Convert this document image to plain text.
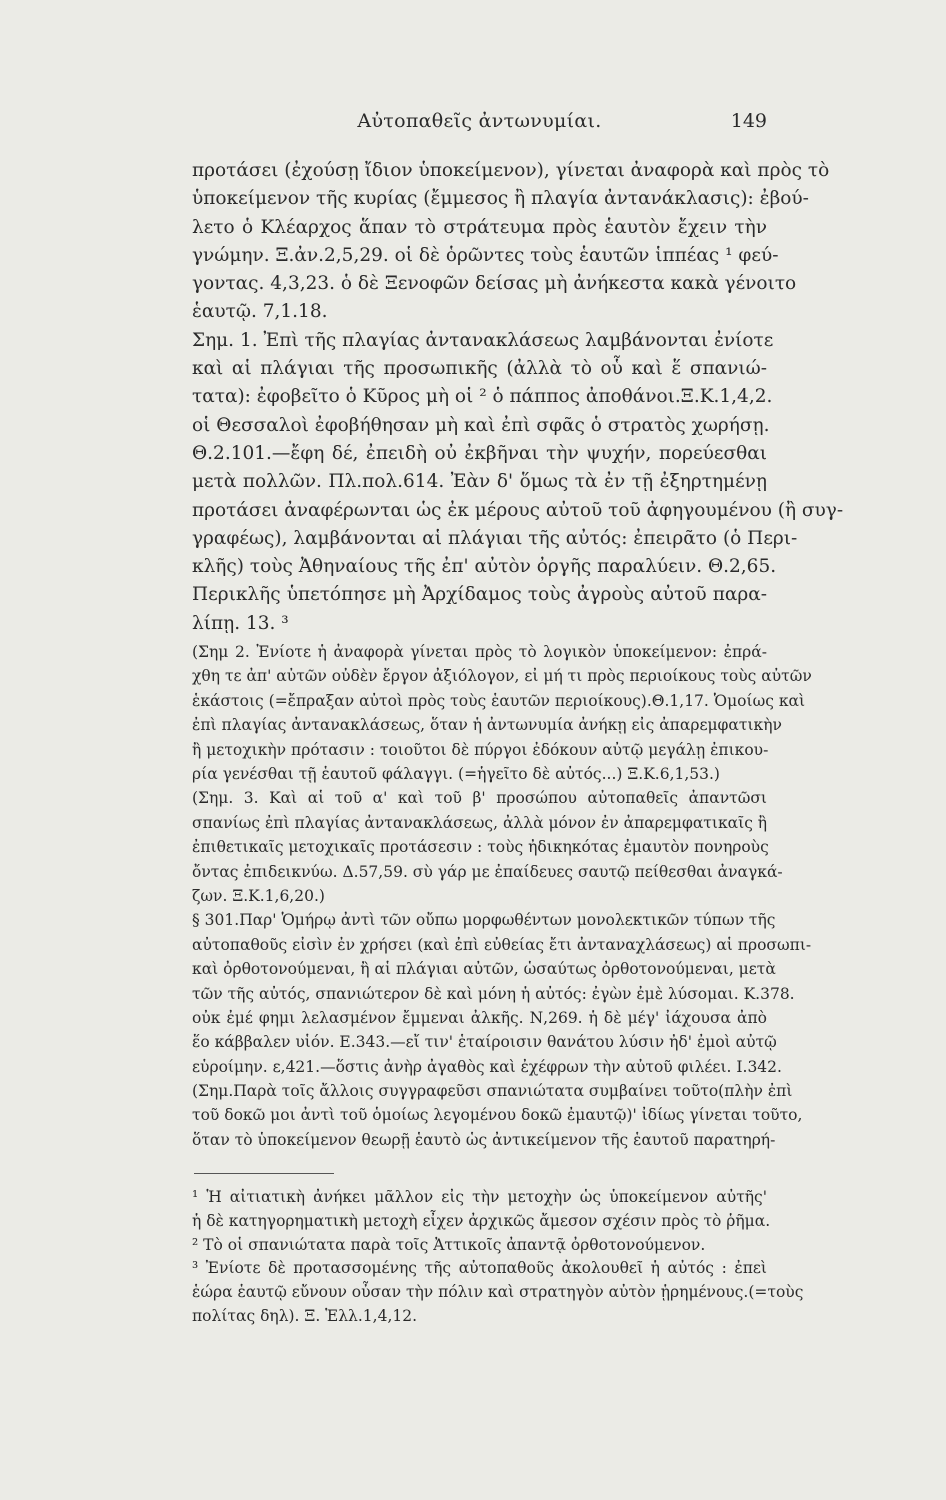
Αὐτοπαθεῖς ἀντωνυμίαι.	149
προτάσει (ἐχούσῃ ἴδιον ὑποκείμενον), γίνεται ἀναφορὰ καὶ πρὸς τὸ
ὑποκείμενον τῆς κυρίας (ἔμμεσος ἢ πλαγία ἀντανάκλασις): ἐβού-
λετο ὁ Κλέαρχος ἅπαν τὸ στράτευμα πρὸς ἑαυτὸν ἔχειν τὴν
γνώμην. Ξ.ἀν.2,5,29. οἱ δὲ ὁρῶντες τοὺς ἑαυτῶν ἱππέας ¹ φεύ-
γοντας. 4,3,23. ὁ δὲ Ξενοφῶν δείσας μὴ ἀνήκεστα κακὰ γένοιτο
ἑαυτῷ. 7,1.18.
Σημ. 1. Ἐπὶ τῆς πλαγίας ἀντανακλάσεως λαμβάνονται ἐνίοτε
καὶ αἱ πλάγιαι τῆς προσωπικῆς (ἀλλὰ τὸ οὗ καὶ ἕ σπανιώ-
τατα): ἐφοβεῖτο ὁ Κῦρος μὴ οἱ ² ὁ πάππος ἀποθάνοι.Ξ.Κ.1,4,2.
οἱ Θεσσαλοὶ ἐφοβήθησαν μὴ καὶ ἐπὶ σφᾶς ὁ στρατὸς χωρήσῃ.
Θ.2.101.—ἔφη δέ, ἐπειδὴ οὐ ἐκβῆναι τὴν ψυχήν, πορεύεσθαι
μετὰ πολλῶν. Πλ.πολ.614. Ἐὰν δ' ὅμως τὰ ἐν τῇ ἐξηρτημένῃ
προτάσει ἀναφέρωνται ὡς ἐκ μέρους αὐτοῦ τοῦ ἀφηγουμένου (ἢ συγ-
γραφέως), λαμβάνονται αἱ πλάγιαι τῆς αὐτός: ἐπειρᾶτο (ὁ Περι-
κλῆς) τοὺς Ἀθηναίους τῆς ἐπ' αὐτὸν ὀργῆς παραλύειν. Θ.2,65.
Περικλῆς ὑπετόπησε μὴ Ἀρχίδαμος τοὺς ἀγροὺς αὐτοῦ παρα-
λίπῃ. 13. ³
(Σημ 2. Ἐνίοτε ἡ ἀναφορὰ γίνεται πρὸς τὸ λογικὸν ὑποκείμενον: ἐπρά-
χθη τε ἀπ' αὐτῶν οὐδὲν ἔργον ἀξιόλογον, εἰ μή τι πρὸς περιοίκους τοὺς αὐτῶν
ἑκάστοις (=ἔπραξαν αὐτοὶ πρὸς τοὺς ἑαυτῶν περιοίκους).Θ.1,17. Ὁμοίως καὶ
ἐπὶ πλαγίας ἀντανακλάσεως, ὅταν ἡ ἀντωνυμία ἀνήκῃ εἰς ἀπαρεμφατικὴν
ἢ μετοχικὴν πρότασιν : τοιοῦτοι δὲ πύργοι ἐδόκουν αὐτῷ μεγάλῃ ἐπικου-
ρία γενέσθαι τῇ ἑαυτοῦ φάλαγγι. (=ἡγεῖτο δὲ αὐτός...) Ξ.Κ.6,1,53.)
(Σημ. 3. Καὶ αἱ τοῦ α' καὶ τοῦ β' προσώπου αὐτοπαθεῖς ἀπαντῶσι
σπανίως ἐπὶ πλαγίας ἀντανακλάσεως, ἀλλὰ μόνον ἐν ἀπαρεμφατικαῖς ἢ
ἐπιθετικαῖς μετοχικαῖς προτάσεσιν : τοὺς ἠδικηκότας ἐμαυτὸν πονηροὺς
ὄντας ἐπιδεικνύω. Δ.57,59. σὺ γάρ με ἐπαίδευες σαυτῷ πείθεσθαι ἀναγκά-
ζων. Ξ.Κ.1,6,20.)
§ 301.Παρ' Ὁμήρῳ ἀντὶ τῶν οὔπω μορφωθέντων μονολεκτικῶν τύπων τῆς
αὐτοπαθοῦς εἰσὶν ἐν χρήσει (καὶ ἐπὶ εὐθείας ἔτι ἀνταναχλάσεως) αἱ προσωπι-
καὶ ὀρθοτονούμεναι, ἢ αἱ πλάγιαι αὐτῶν, ὡσαύτως ὀρθοτονούμεναι, μετὰ
τῶν τῆς αὐτός, σπανιώτερον δὲ καὶ μόνη ἡ αὐτός: ἐγὼν ἐμὲ λύσομαι. Κ.378.
οὐκ ἐμέ φημι λελασμένον ἔμμεναι ἀλκῆς. Ν,269. ἡ δὲ μέγ' ἰάχουσα ἀπὸ
ἕο κάββαλεν υἱόν. Ε.343.—εἴ τιν' ἑταίροισιν θανάτου λύσιν ἠδ' ἐμοὶ αὐτῷ
εὑροίμην. ε,421.—ὅστις ἀνὴρ ἀγαθὸς καὶ ἐχέφρων τὴν αὐτοῦ φιλέει. Ι.342.
(Σημ.Παρὰ τοῖς ἄλλοις συγγραφεῦσι σπανιώτατα συμβαίνει τοῦτο(πλὴν ἐπὶ
τοῦ δοκῶ μοι ἀντὶ τοῦ ὁμοίως λεγομένου δοκῶ ἐμαυτῷ)' ἰδίως γίνεται τοῦτο,
ὅταν τὸ ὑποκείμενον θεωρῇ ἑαυτὸ ὡς ἀντικείμενον τῆς ἑαυτοῦ παρατηρή-
¹ Ἡ αἰτιατικὴ ἀνήκει μᾶλλον εἰς τὴν μετοχὴν ὡς ὑποκείμενον αὐτῆς'
ἡ δὲ κατηγορηματικὴ μετοχὴ εἶχεν ἀρχικῶς ἄμεσον σχέσιν πρὸς τὸ ῥῆμα.
² Τὸ οἱ σπανιώτατα παρὰ τοῖς Ἀττικοῖς ἀπαντᾷ ὀρθοτονούμενον.
³ Ἐνίοτε δὲ προτασσομένης τῆς αὐτοπαθοῦς ἀκολουθεῖ ἡ αὐτός : ἐπεὶ
ἑώρα ἑαυτῷ εὔνουν οὖσαν τὴν πόλιν καὶ στρατηγὸν αὐτὸν ᾑρημένους.(=τοὺς
πολίτας δηλ). Ξ. Ἑλλ.1,4,12.
